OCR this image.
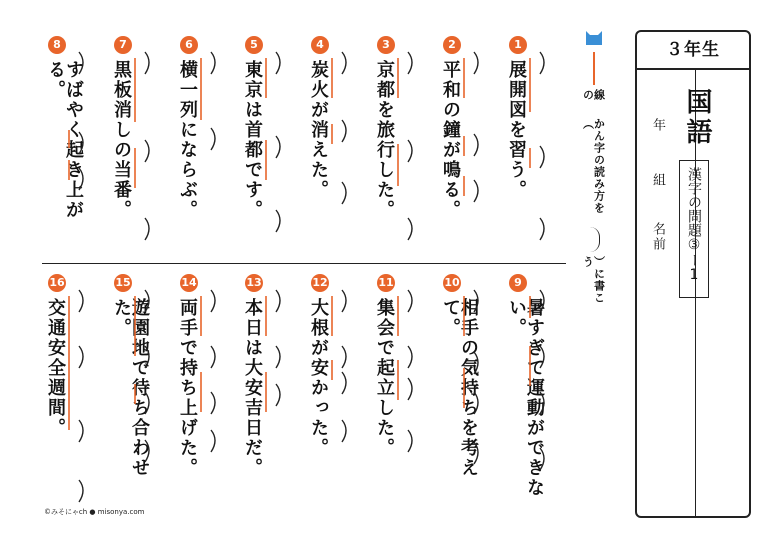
３年生
国語
漢字の問題③ー1
年
組
名前
線の
かん字の読み方を（
）に書こう
1
展開図を習う。
2
平和の鐘が鳴る。
3
京都を旅行した。
4
炭火が消えた。
5
東京は首都です。
6
横一列にならぶ。
7
黒板消しの当番。
8
すばやく起き上がる。
9
暑すぎて運動ができない。
10
相手の気持ちを考えて。
11
集会で起立した。
12
大根が安かった。
13
本日は大安吉日だ。
14
両手で持ち上げた。
15
遊園地で待ち合わせた。
16
交通安全週間。
©みそにゃch ● misonya.com
